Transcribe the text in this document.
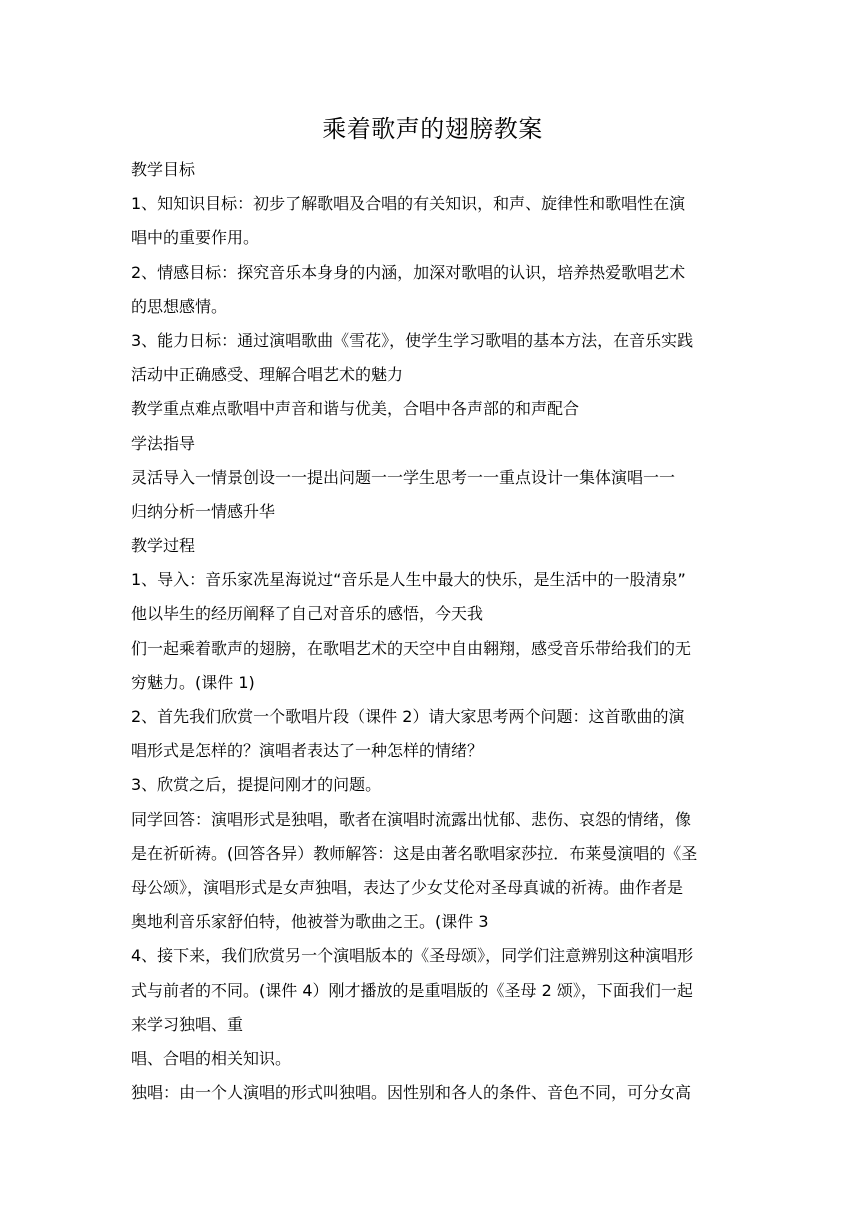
乘着歌声的翅膀教案
教学目标
1、知知识目标：初步了解歌唱及合唱的有关知识，和声、旋律性和歌唱性在演
唱中的重要作用。
2、情感目标：探究音乐本身身的内涵，加深对歌唱的认识，培养热爱歌唱艺术
的思想感情。
3、能力日标：通过演唱歌曲《雪花》，使学生学习歌唱的基本方法，在音乐实践
活动中正确感受、理解合唱艺术的魅力
教学重点难点歌唱中声音和谐与优美，合唱中各声部的和声配合
学法指导
灵活导入一情景创设一一提出问题一一学生思考一一重点设计一集体演唱一一
归纳分析一情感升华
教学过程
1、导入：音乐家冼星海说过“音乐是人生中最大的快乐，是生活中的一股清泉”
他以毕生的经历阐释了自己对音乐的感悟，今天我
们一起乘着歌声的翅膀，在歌唱艺术的天空中自由翱翔，感受音乐带给我们的无
穷魅力。(课件 1)
2、首先我们欣赏一个歌唱片段（课件 2）请大家思考两个问题：这首歌曲的演
唱形式是怎样的？演唱者表达了一种怎样的情绪？
3、欣赏之后，提提问刚才的问题。
同学回答：演唱形式是独唱，歌者在演唱时流露出忧郁、悲伤、哀怨的情绪，像
是在祈斫祷。(回答各异）教师解答：这是由著名歌唱家莎拉．布莱曼演唱的《圣
母公颂》，演唱形式是女声独唱，表达了少女艾伦对圣母真诚的祈祷。曲作者是
奥地利音乐家舒伯特，他被誉为歌曲之王。(课件 3
4、接下来，我们欣赏另一个演唱版本的《圣母颂》，同学们注意辨别这种演唱形
式与前者的不同。(课件 4）刚才播放的是重唱版的《圣母 2 颂》，下面我们一起
来学习独唱、重
唱、合唱的相关知识。
独唱：由一个人演唱的形式叫独唱。因性别和各人的条件、音色不同，可分女高
